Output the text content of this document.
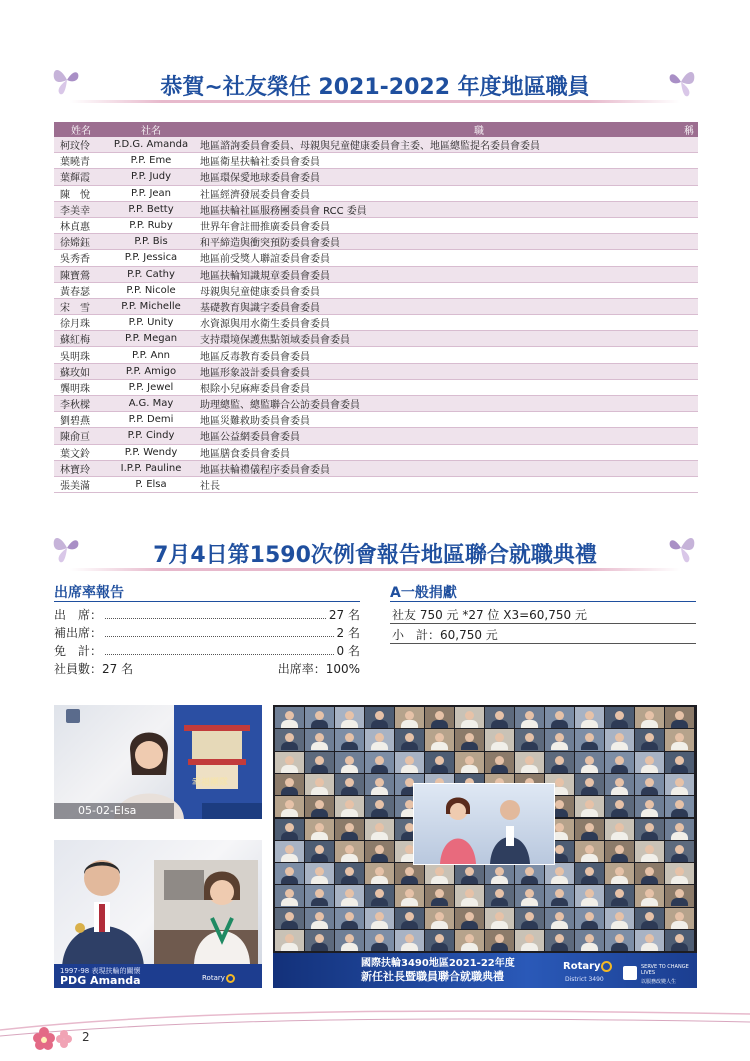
恭賀~社友榮任 2021-2022 年度地區職員
姓名	社名	職 稱

柯玟伶	P.D.G. Amanda	地區諮詢委員會委員、母親與兒童健康委員會主委、地區總監提名委員會委員
葉曉青	P.P. Eme	地區衛星扶輪社委員會委員
葉輝霞	P.P. Judy	地區環保愛地球委員會委員
陳　悅	P.P. Jean	社區經濟發展委員會委員
李美幸	P.P. Betty	地區扶輪社區服務團委員會 RCC 委員
林貞惠	P.P. Ruby	世界年會註冊推廣委員會委員
徐嫦鈺	P.P. Bis	和平締造與衝突預防委員會委員
吳秀香	P.P. Jessica	地區前受獎人聯誼委員會委員
陳寶鶯	P.P. Cathy	地區扶輪知識規章委員會委員
黃春瑟	P.P. Nicole	母親與兒童健康委員會委員
宋　雪	P.P. Michelle	基礎教育與識字委員會委員
徐月珠	P.P. Unity	水資源與用水衛生委員會委員
蘇紅梅	P.P. Megan	支持環境保護焦點領域委員會委員
吳明珠	P.P. Ann	地區反毒教育委員會委員
蘇玫如	P.P. Amigo	地區形象設計委員會委員
龔明珠	P.P. Jewel	根除小兒麻痺委員會委員
李秋樑	A.G. May	助理總監、總監聯合公訪委員會委員
劉碧燕	P.P. Demi	地區災難救助委員會委員
陳俞亘	P.P. Cindy	地區公益網委員會委員
葉文鈴	P.P. Wendy	地區膳食委員會委員
林寶玲	I.P.P. Pauline	地區扶輪禮儀程序委員會委員
張美滿	P. Elsa	社長
7月4日第1590次例會報告地區聯合就職典禮
出席率報告
出　席：	27 名
補出席：	2 名
免　計：	0 名
社員數：27 名	出席率：100%
A一般捐獻
社友 750 元 *27 位 X3=60,750 元
小　計：60,750 元
幸福團隊
05-02-Elsa
1997-98 表現扶輪的關懷
PDG Amanda	Rotary
國際扶輪3490地區2021-22年度
新任社長暨職員聯合就職典禮
Rotary
District 3490
SERVE TO CHANGE LIVES
以服務改變人生
2
